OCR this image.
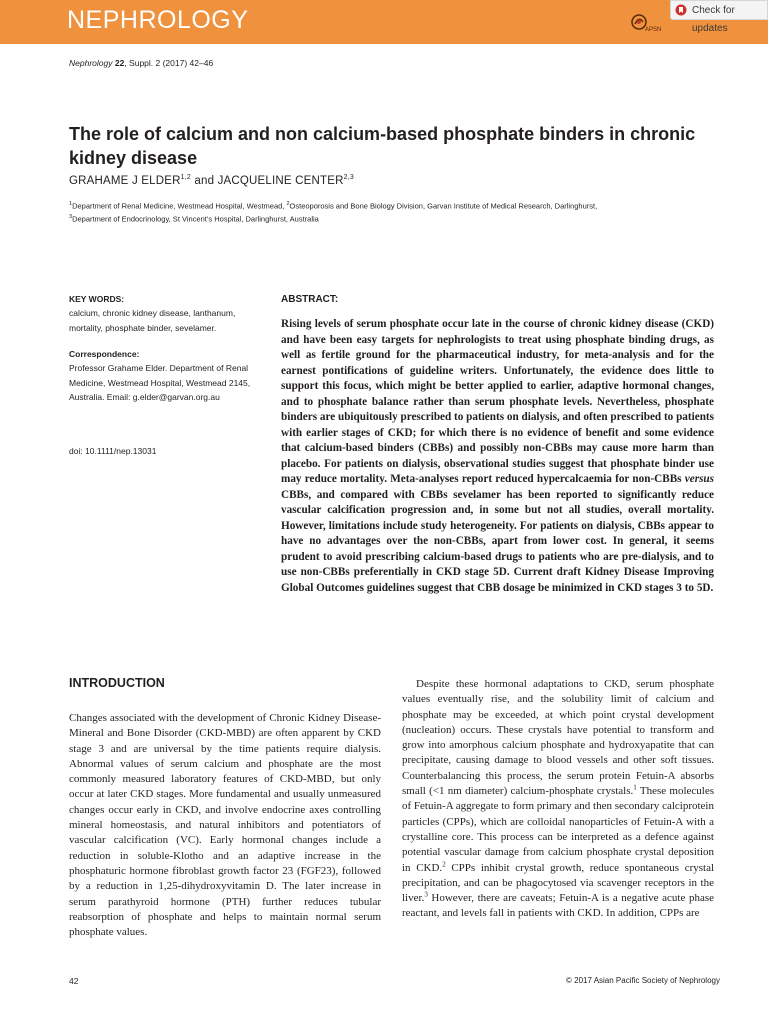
NEPHROLOGY	APSN
Check for updates
Nephrology 22, Suppl. 2 (2017) 42–46
The role of calcium and non calcium-based phosphate binders in chronic kidney disease
GRAHAME J ELDER$^{1,2}$ and JACQUELINE CENTER$^{2,3}$
$^1$Department of Renal Medicine, Westmead Hospital, Westmead, $^2$Osteoporosis and Bone Biology Division, Garvan Institute of Medical Research, Darlinghurst,
$^3$Department of Endocrinology, St Vincent’s Hospital, Darlinghurst, Australia
KEY WORDS:
calcium, chronic kidney disease, lanthanum, mortality, phosphate binder, sevelamer.
Correspondence:
Professor Grahame Elder. Department of Renal Medicine, Westmead Hospital, Westmead 2145, Australia. Email: g.elder@garvan.org.au
doi: 10.1111/nep.13031
ABSTRACT:
Rising levels of serum phosphate occur late in the course of chronic kidney disease (CKD) and have been easy targets for nephrologists to treat using phosphate binding drugs, as well as fertile ground for the pharmaceutical industry, for meta-analysis and for the earnest pontifications of guideline writers. Unfortunately, the evidence does little to support this focus, which might be better applied to earlier, adaptive hormonal changes, and to phosphate balance rather than serum phosphate levels. Nevertheless, phosphate binders are ubiquitously prescribed to patients on dialysis, and often prescribed to patients with earlier stages of CKD; for which there is no evidence of benefit and some evidence that calcium-based binders (CBBs) and possibly non-CBBs may cause more harm than placebo. For patients on dialysis, observational studies suggest that phosphate binder use may reduce mortality. Meta-analyses report reduced hypercalcaemia for non-CBBs versus CBBs, and compared with CBBs sevelamer has been reported to significantly reduce vascular calcification progression and, in some but not all studies, overall mortality. However, limitations include study heterogeneity. For patients on dialysis, CBBs appear to have no advantages over the non-CBBs, apart from lower cost. In general, it seems prudent to avoid prescribing calcium-based drugs to patients who are pre-dialysis, and to use non-CBBs preferentially in CKD stage 5D. Current draft Kidney Disease Improving Global Outcomes guidelines suggest that CBB dosage be minimized in CKD stages 3 to 5D.
INTRODUCTION
Changes associated with the development of Chronic Kidney Disease-Mineral and Bone Disorder (CKD-MBD) are often apparent by CKD stage 3 and are universal by the time patients require dialysis. Abnormal values of serum calcium and phosphate are the most commonly measured laboratory features of CKD-MBD, but only occur at later CKD stages. More fundamental and usually unmeasured changes occur early in CKD, and involve endocrine axes controlling mineral homeostasis, and natural inhibitors and potentiators of vascular calcification (VC). Early hormonal changes include a reduction in soluble-Klotho and an adaptive increase in the phosphaturic hormone fibroblast growth factor 23 (FGF23), followed by a reduction in 1,25-dihydroxyvitamin D. The later increase in serum parathyroid hormone (PTH) further reduces tubular reabsorption of phosphate and helps to maintain normal serum phosphate values.
Despite these hormonal adaptations to CKD, serum phosphate values eventually rise, and the solubility limit of calcium and phosphate may be exceeded, at which point crystal development (nucleation) occurs. These crystals have potential to transform and grow into amorphous calcium phosphate and hydroxyapatite that can precipitate, causing damage to blood vessels and other soft tissues. Counterbalancing this process, the serum protein Fetuin-A absorbs small (<1 nm diameter) calcium-phosphate crystals.$^1$ These molecules of Fetuin-A aggregate to form primary and then secondary calciprotein particles (CPPs), which are colloidal nanoparticles of Fetuin-A with a crystalline core. This process can be interpreted as a defence against potential vascular damage from calcium phosphate crystal deposition in CKD.$^2$ CPPs inhibit crystal growth, reduce spontaneous crystal precipitation, and can be phagocytosed via scavenger receptors in the liver.$^3$ However, there are caveats; Fetuin-A is a negative acute phase reactant, and levels fall in patients with CKD. In addition, CPPs are
42	© 2017 Asian Pacific Society of Nephrology
